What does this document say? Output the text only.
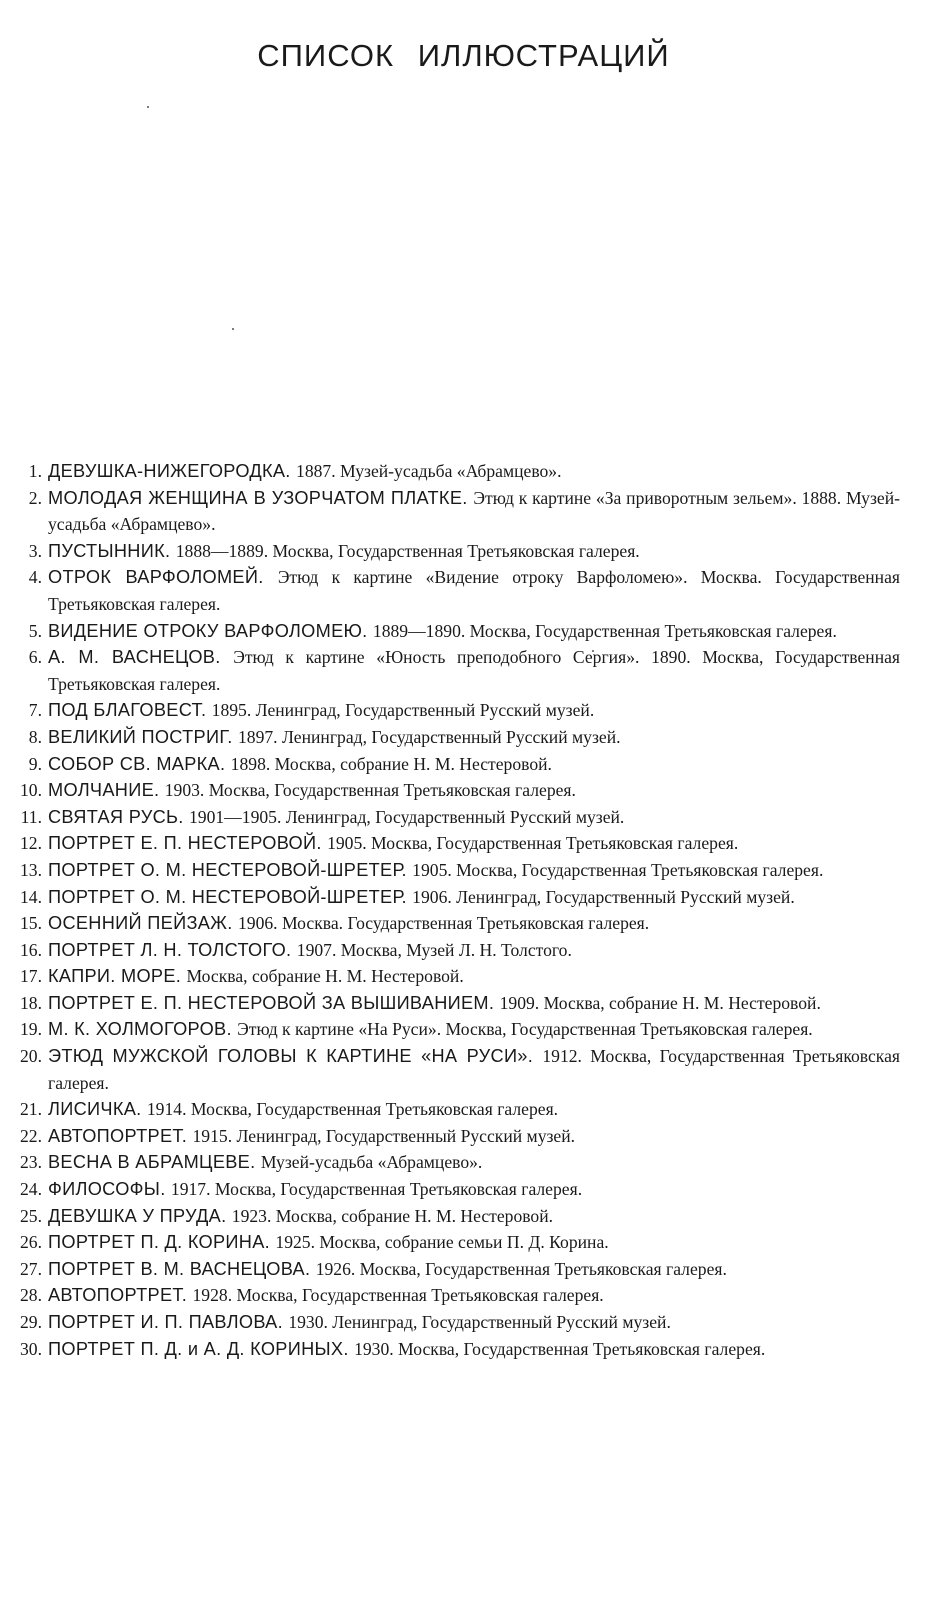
СПИСОК ИЛЛЮСТРАЦИЙ
1. ДЕВУШКА-НИЖЕГОРОДКА. 1887. Музей-усадьба «Абрамцево».
2. МОЛОДАЯ ЖЕНЩИНА В УЗОРЧАТОМ ПЛАТКЕ. Этюд к картине «За приворотным зельем». 1888. Музей-усадьба «Абрамцево».
3. ПУСТЫННИК. 1888—1889. Москва, Государственная Третьяковская галерея.
4. ОТРОК ВАРФОЛОМЕЙ. Этюд к картине «Видение отроку Варфоломею». Москва. Государственная Третьяковская галерея.
5. ВИДЕНИЕ ОТРОКУ ВАРФОЛОМЕЮ. 1889—1890. Москва, Государственная Третьяковская галерея.
6. А. М. ВАСНЕЦОВ. Этюд к картине «Юность преподобного Сергия». 1890. Москва, Государственная Третьяковская галерея.
7. ПОД БЛАГОВЕСТ. 1895. Ленинград, Государственный Русский музей.
8. ВЕЛИКИЙ ПОСТРИГ. 1897. Ленинград, Государственный Русский музей.
9. СОБОР СВ. МАРКА. 1898. Москва, собрание Н. М. Нестеровой.
10. МОЛЧАНИЕ. 1903. Москва, Государственная Третьяковская галерея.
11. СВЯТАЯ РУСЬ. 1901—1905. Ленинград, Государственный Русский музей.
12. ПОРТРЕТ Е. П. НЕСТЕРОВОЙ. 1905. Москва, Государственная Третьяковская галерея.
13. ПОРТРЕТ О. М. НЕСТЕРОВОЙ-ШРЕТЕР. 1905. Москва, Государственная Третьяковская галерея.
14. ПОРТРЕТ О. М. НЕСТЕРОВОЙ-ШРЕТЕР. 1906. Ленинград, Государственный Русский музей.
15. ОСЕННИЙ ПЕЙЗАЖ. 1906. Москва. Государственная Третьяковская галерея.
16. ПОРТРЕТ Л. Н. ТОЛСТОГО. 1907. Москва, Музей Л. Н. Толстого.
17. КАПРИ. МОРЕ. Москва, собрание Н. М. Нестеровой.
18. ПОРТРЕТ Е. П. НЕСТЕРОВОЙ ЗА ВЫШИВАНИЕМ. 1909. Москва, собрание Н. М. Нестеровой.
19. М. К. ХОЛМОГОРОВ. Этюд к картине «На Руси». Москва, Государственная Третьяковская галерея.
20. ЭТЮД МУЖСКОЙ ГОЛОВЫ К КАРТИНЕ «НА РУСИ». 1912. Москва, Государственная Третьяковская галерея.
21. ЛИСИЧКА. 1914. Москва, Государственная Третьяковская галерея.
22. АВТОПОРТРЕТ. 1915. Ленинград, Государственный Русский музей.
23. ВЕСНА В АБРАМЦЕВЕ. Музей-усадьба «Абрамцево».
24. ФИЛОСОФЫ. 1917. Москва, Государственная Третьяковская галерея.
25. ДЕВУШКА У ПРУДА. 1923. Москва, собрание Н. М. Нестеровой.
26. ПОРТРЕТ П. Д. КОРИНА. 1925. Москва, собрание семьи П. Д. Корина.
27. ПОРТРЕТ В. М. ВАСНЕЦОВА. 1926. Москва, Государственная Третьяковская галерея.
28. АВТОПОРТРЕТ. 1928. Москва, Государственная Третьяковская галерея.
29. ПОРТРЕТ И. П. ПАВЛОВА. 1930. Ленинград, Государственный Русский музей.
30. ПОРТРЕТ П. Д. и А. Д. КОРИНЫХ. 1930. Москва, Государственная Третьяковская галерея.
